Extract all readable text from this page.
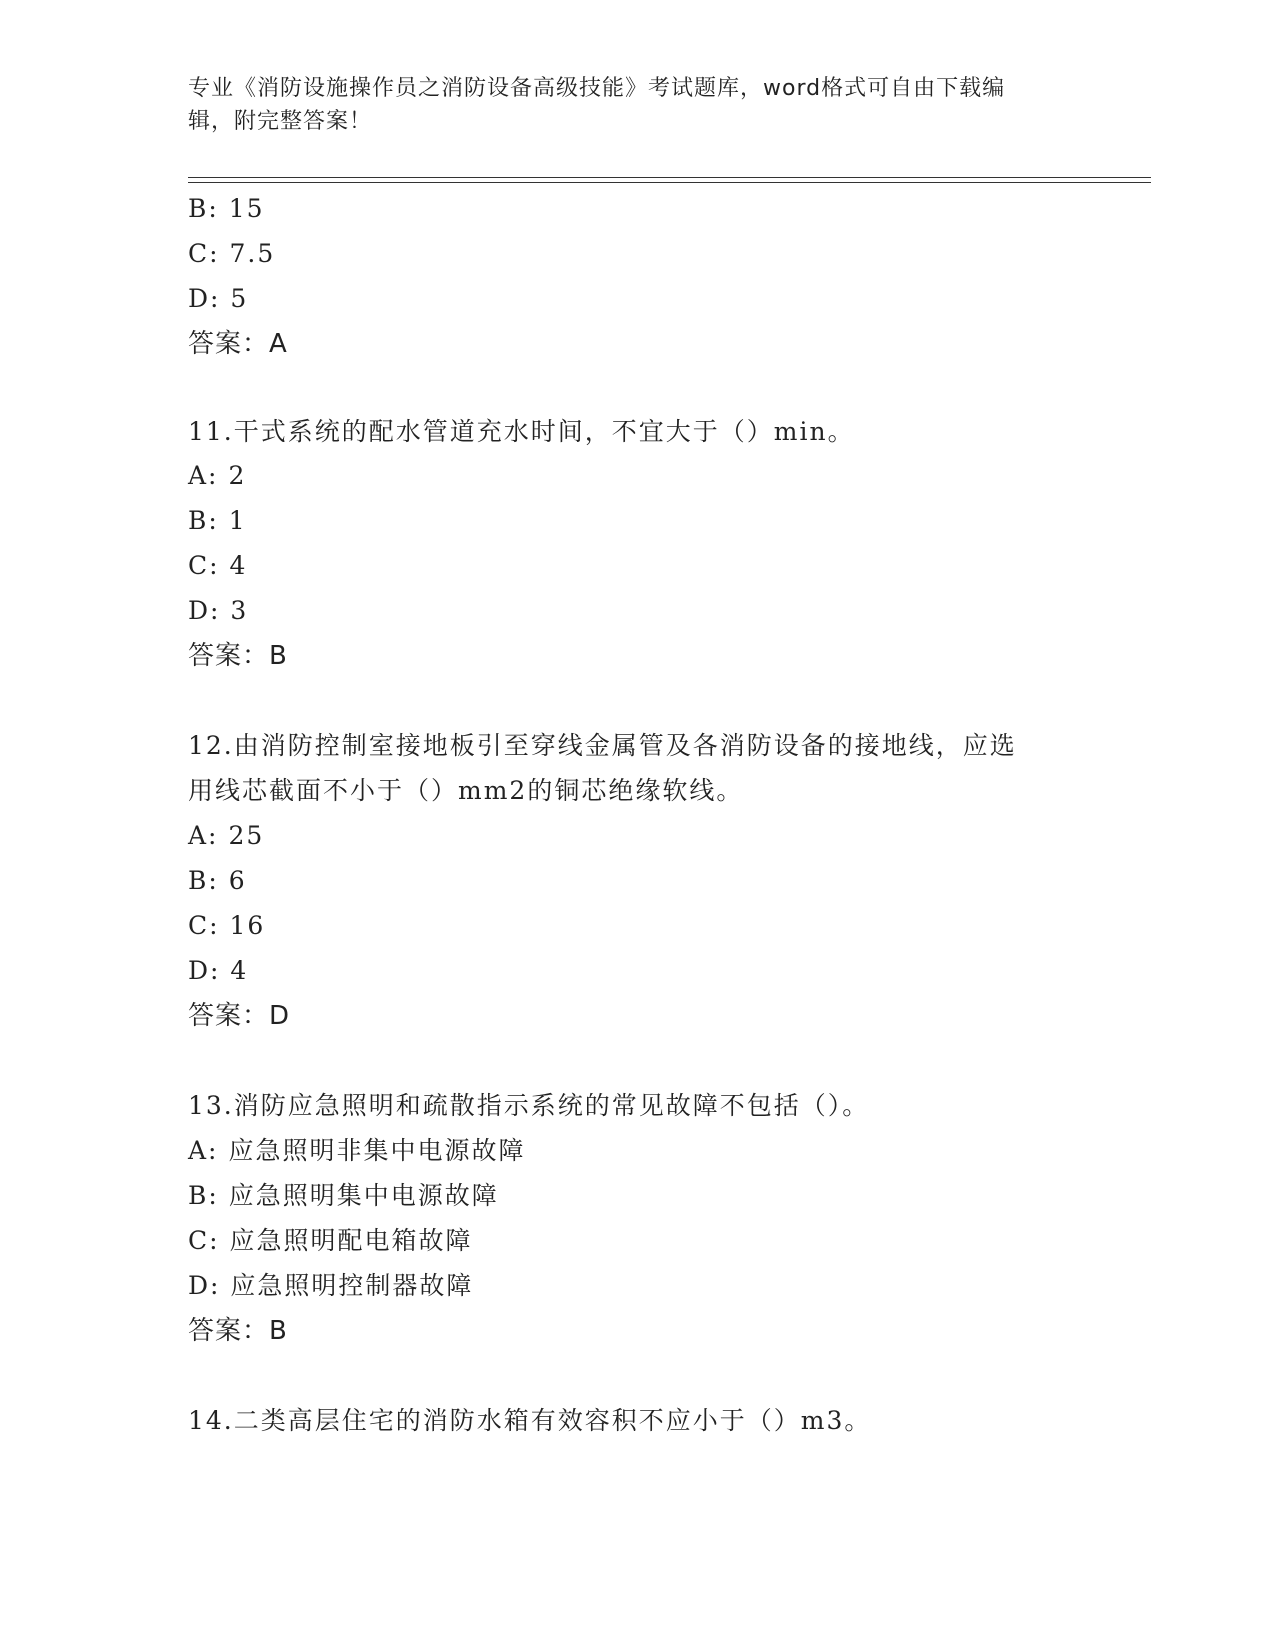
专业《消防设施操作员之消防设备高级技能》考试题库，word格式可自由下载编
辑，附完整答案！
B: 15
C: 7.5
D: 5
答案：A
11.干式系统的配水管道充水时间，不宜大于（）min。
A: 2
B: 1
C: 4
D: 3
答案：B
12.由消防控制室接地板引至穿线金属管及各消防设备的接地线，应选
用线芯截面不小于（）mm2的铜芯绝缘软线。
A: 25
B: 6
C: 16
D: 4
答案：D
13.消防应急照明和疏散指示系统的常见故障不包括（）。
A: 应急照明非集中电源故障
B: 应急照明集中电源故障
C: 应急照明配电箱故障
D: 应急照明控制器故障
答案：B
14.二类高层住宅的消防水箱有效容积不应小于（）m3。
